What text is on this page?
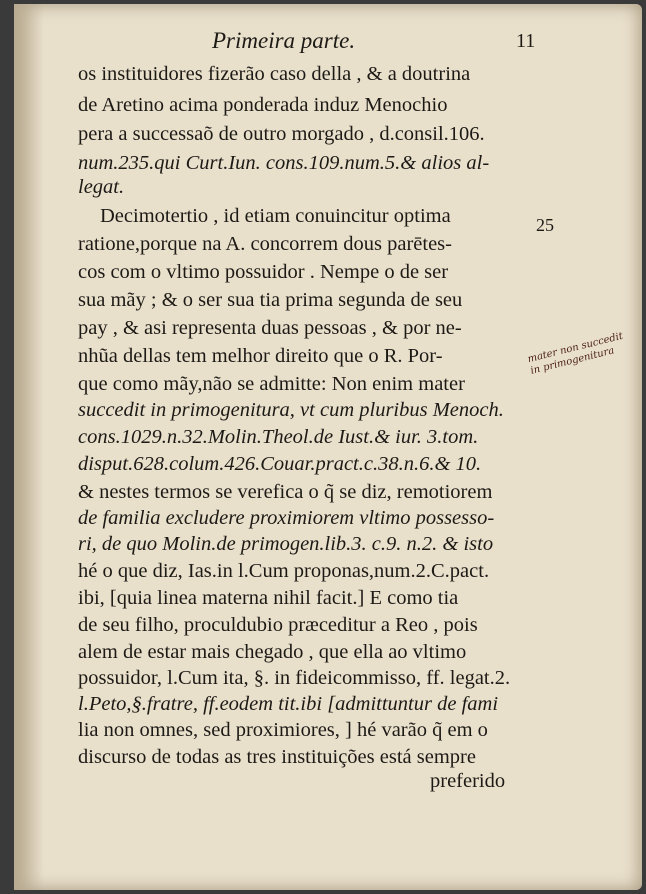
Primeira parte.	11

os instituidores fizerão caso della , & a doutrina

de Aretino acima ponderada induz Menochio

pera a successaõ de outro morgado , d.consil.106.

num.235.qui Curt.Iun. cons.109.num.5.& alios al-

legat.

Decimotertio , id etiam conuincitur optima

ratione,porque na A. concorrem dous parētes-

cos com o vltimo possuidor . Nempe o de ser

sua mãy ; & o ser sua tia prima segunda de seu

pay , & asi representa duas pessoas , & por ne-

nhũa dellas tem melhor direito que o R. Por-

que como mãy,não se admitte: Non enim mater

succedit in primogenitura, vt cum pluribus Menoch.

cons.1029.n.32.Molin.Theol.de Iust.& iur. 3.tom.

disput.628.colum.426.Couar.pract.c.38.n.6.& 10.

& nestes termos se verefica o q̃ se diz, remotiorem

de familia excludere proximiorem vltimo possesso-

ri, de quo Molin.de primogen.lib.3. c.9. n.2. & isto

hé o que diz, Ias.in l.Cum proponas,num.2.C.pact.

ibi, [quia linea materna nihil facit.] E como tia

de seu filho, proculdubio præceditur a Reo , pois

alem de estar mais chegado , que ella ao vltimo

possuidor, l.Cum ita, §. in fideicommisso, ff. legat.2.

l.Peto,§.fratre, ff.eodem tit.ibi [admittuntur de fami

lia non omnes, sed proximiores, ] hé varão q̃ em o

discurso de todas as tres instituições está sempre

preferido
25
mater non succedit in primogenitura
